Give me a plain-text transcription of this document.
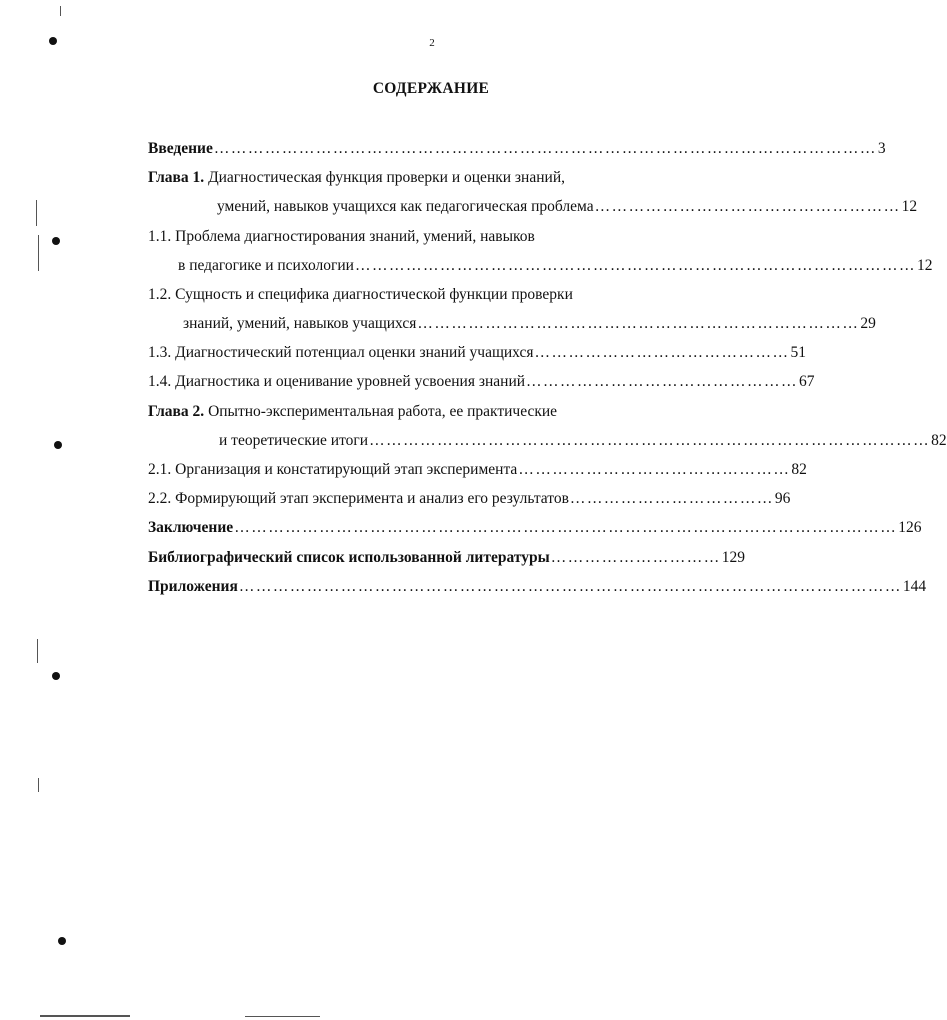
2
СОДЕРЖАНИЕ
Введение ……………………………………………………………………………………………………… 3
Глава 1. Диагностическая функция проверки и оценки знаний,
умений, навыков учащихся как педагогическая проблема ……………………………………………… 12
1.1. Проблема диагностирования знаний, умений, навыков
в педагогике и психологии ……………………………………………………………………………………… 12
1.2. Сущность и специфика диагностической функции проверки
знаний, умений, навыков учащихся …………………………………………………………………… 29
1.3. Диагностический потенциал оценки знаний учащихся ……………………………………… 51
1.4. Диагностика и оценивание уровней усвоения знаний ………………………………………… 67
Глава 2. Опытно-экспериментальная работа, ее практические
и теоретические итоги ……………………………………………………………………………………… 82
2.1. Организация и констатирующий этап эксперимента ………………………………………… 82
2.2. Формирующий этап эксперимента и анализ его результатов ……………………………… 96
Заключение ……………………………………………………………………………………………………… 126
Библиографический список использованной литературы ………………………… 129
Приложения ……………………………………………………………………………………………………… 144
